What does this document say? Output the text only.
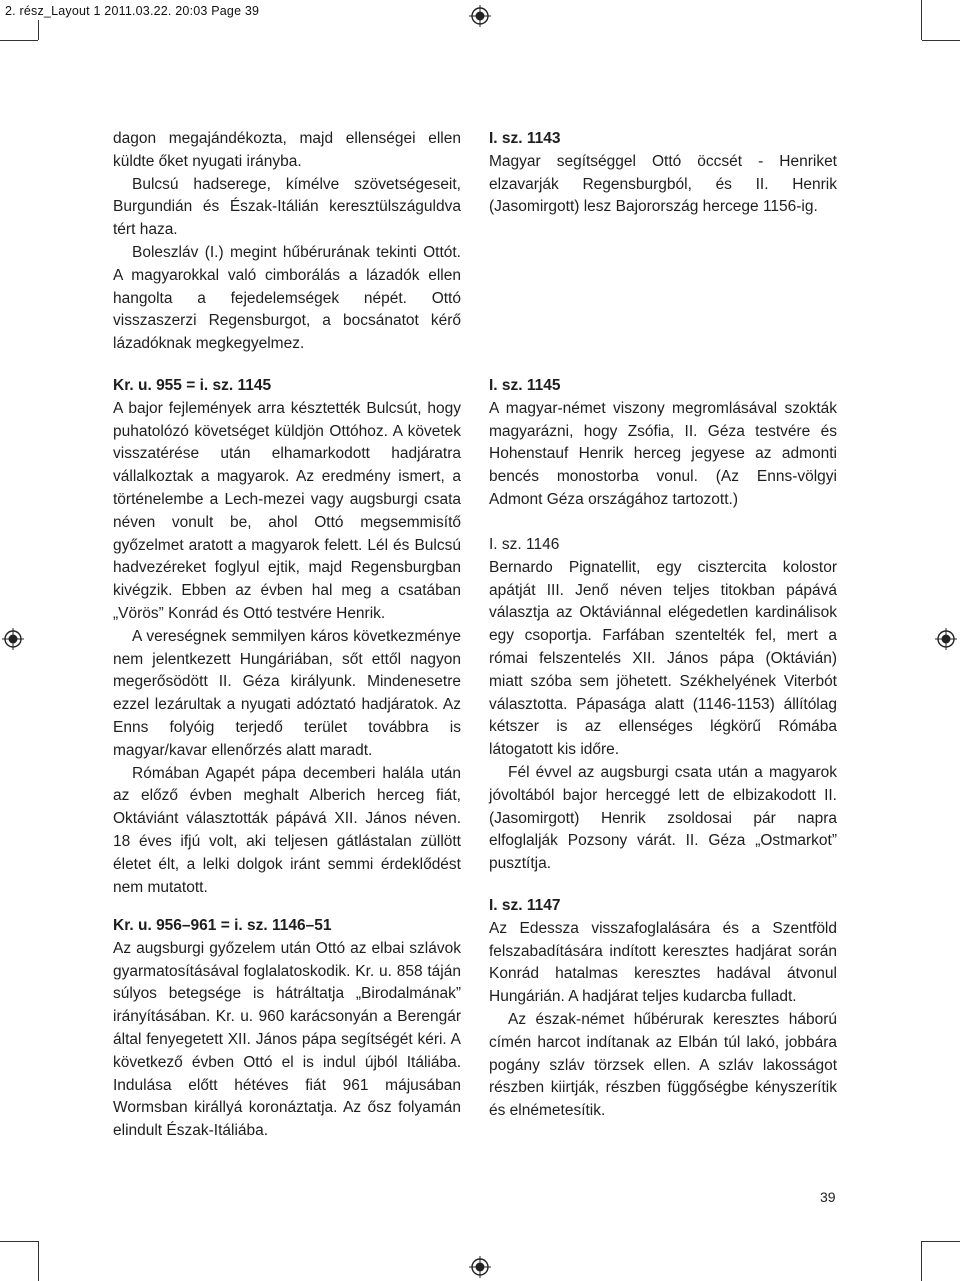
2. rész_Layout 1 2011.03.22. 20:03 Page 39

dagon megajándékozta, majd ellenségei ellen küldte őket nyugati irányba.

Bulcsú hadserege, kímélve szövetségeseit, Burgundián és Észak-Itálián keresztülszáguldva tért haza.

Boleszláv (I.) megint hűbérurának tekinti Ottót. A magyarokkal való cimborálás a lázadók ellen hangolta a fejedelemségek népét. Ottó visszaszerzi Regensburgot, a bocsánatot kérő lázadóknak megkegyelmez.

Kr. u. 955 = i. sz. 1145

A bajor fejlemények arra késztették Bulcsút, hogy puhatolózó követséget küldjön Ottóhoz. A követek visszatérése után elhamarkodott hadjáratra vállalkoztak a magyarok. Az eredmény ismert, a történelembe a Lech-mezei vagy augsburgi csata néven vonult be, ahol Ottó megsemmisítő győzelmet aratott a magyarok felett. Lél és Bulcsú hadvezéreket foglyul ejtik, majd Regensburgban kivégzik. Ebben az évben hal meg a csatában „Vörös” Konrád és Ottó testvére Henrik.

A vereségnek semmilyen káros következménye nem jelentkezett Hungáriában, sőt ettől nagyon megerősödött II. Géza királyunk. Mindenesetre ezzel lezárultak a nyugati adóztató hadjáratok. Az Enns folyóig terjedő terület továbbra is magyar/kavar ellenőrzés alatt maradt.

Rómában Agapét pápa decemberi halála után az előző évben meghalt Alberich herceg fiát, Oktáviánt választották pápává XII. János néven. 18 éves ifjú volt, aki teljesen gátlástalan züllött életet élt, a lelki dolgok iránt semmi érdeklődést nem mutatott.

Kr. u. 956–961 = i. sz. 1146–51

Az augsburgi győzelem után Ottó az elbai szlávok gyarmatosításával foglalatoskodik. Kr. u. 858 táján súlyos betegsége is hátráltatja „Birodalmának” irányításában. Kr. u. 960 karácsonyán a Berengár által fenyegetett XII. János pápa segítségét kéri. A következő évben Ottó el is indul újból Itáliába. Indulása előtt hétéves fiát 961 májusában Wormsban királlyá koronáztatja. Az ősz folyamán elindult Észak-Itáliába.

I. sz. 1143

Magyar segítséggel Ottó öccsét - Henriket elzavarják Regensburgból, és II. Henrik (Jasomirgott) lesz Bajorország hercege 1156-ig.

I. sz. 1145

A magyar-német viszony megromlásával szokták magyarázni, hogy Zsófia, II. Géza testvére és Hohenstauf Henrik herceg jegyese az admonti bencés monostorba vonul. (Az Enns-völgyi Admont Géza országához tartozott.)

I. sz. 1146

Bernardo Pignatellit, egy cisztercita kolostor apátját III. Jenő néven teljes titokban pápává választja az Oktáviánnal elégedetlen kardinálisok egy csoportja. Farfában szentelték fel, mert a római felszentelés XII. János pápa (Oktávián) miatt szóba sem jöhetett. Székhelyének Viterbót választotta. Pápasága alatt (1146-1153) állítólag kétszer is az ellenséges légkörű Rómába látogatott kis időre.

Fél évvel az augsburgi csata után a magyarok jóvoltából bajor herceggé lett de elbizakodott II. (Jasomirgott) Henrik zsoldosai pár napra elfoglalják Pozsony várát. II. Géza „Ostmarkot” pusztítja.

I. sz. 1147

Az Edessza visszafoglalására és a Szentföld felszabadítására indított keresztes hadjárat során Konrád hatalmas keresztes hadával átvonul Hungárián. A hadjárat teljes kudarcba fulladt.

Az észak-német hűbérurak keresztes háború címén harcot indítanak az Elbán túl lakó, jobbára pogány szláv törzsek ellen. A szláv lakosságot részben kiirtják, részben függőségbe kényszerítik és elnémetesítik.

39
